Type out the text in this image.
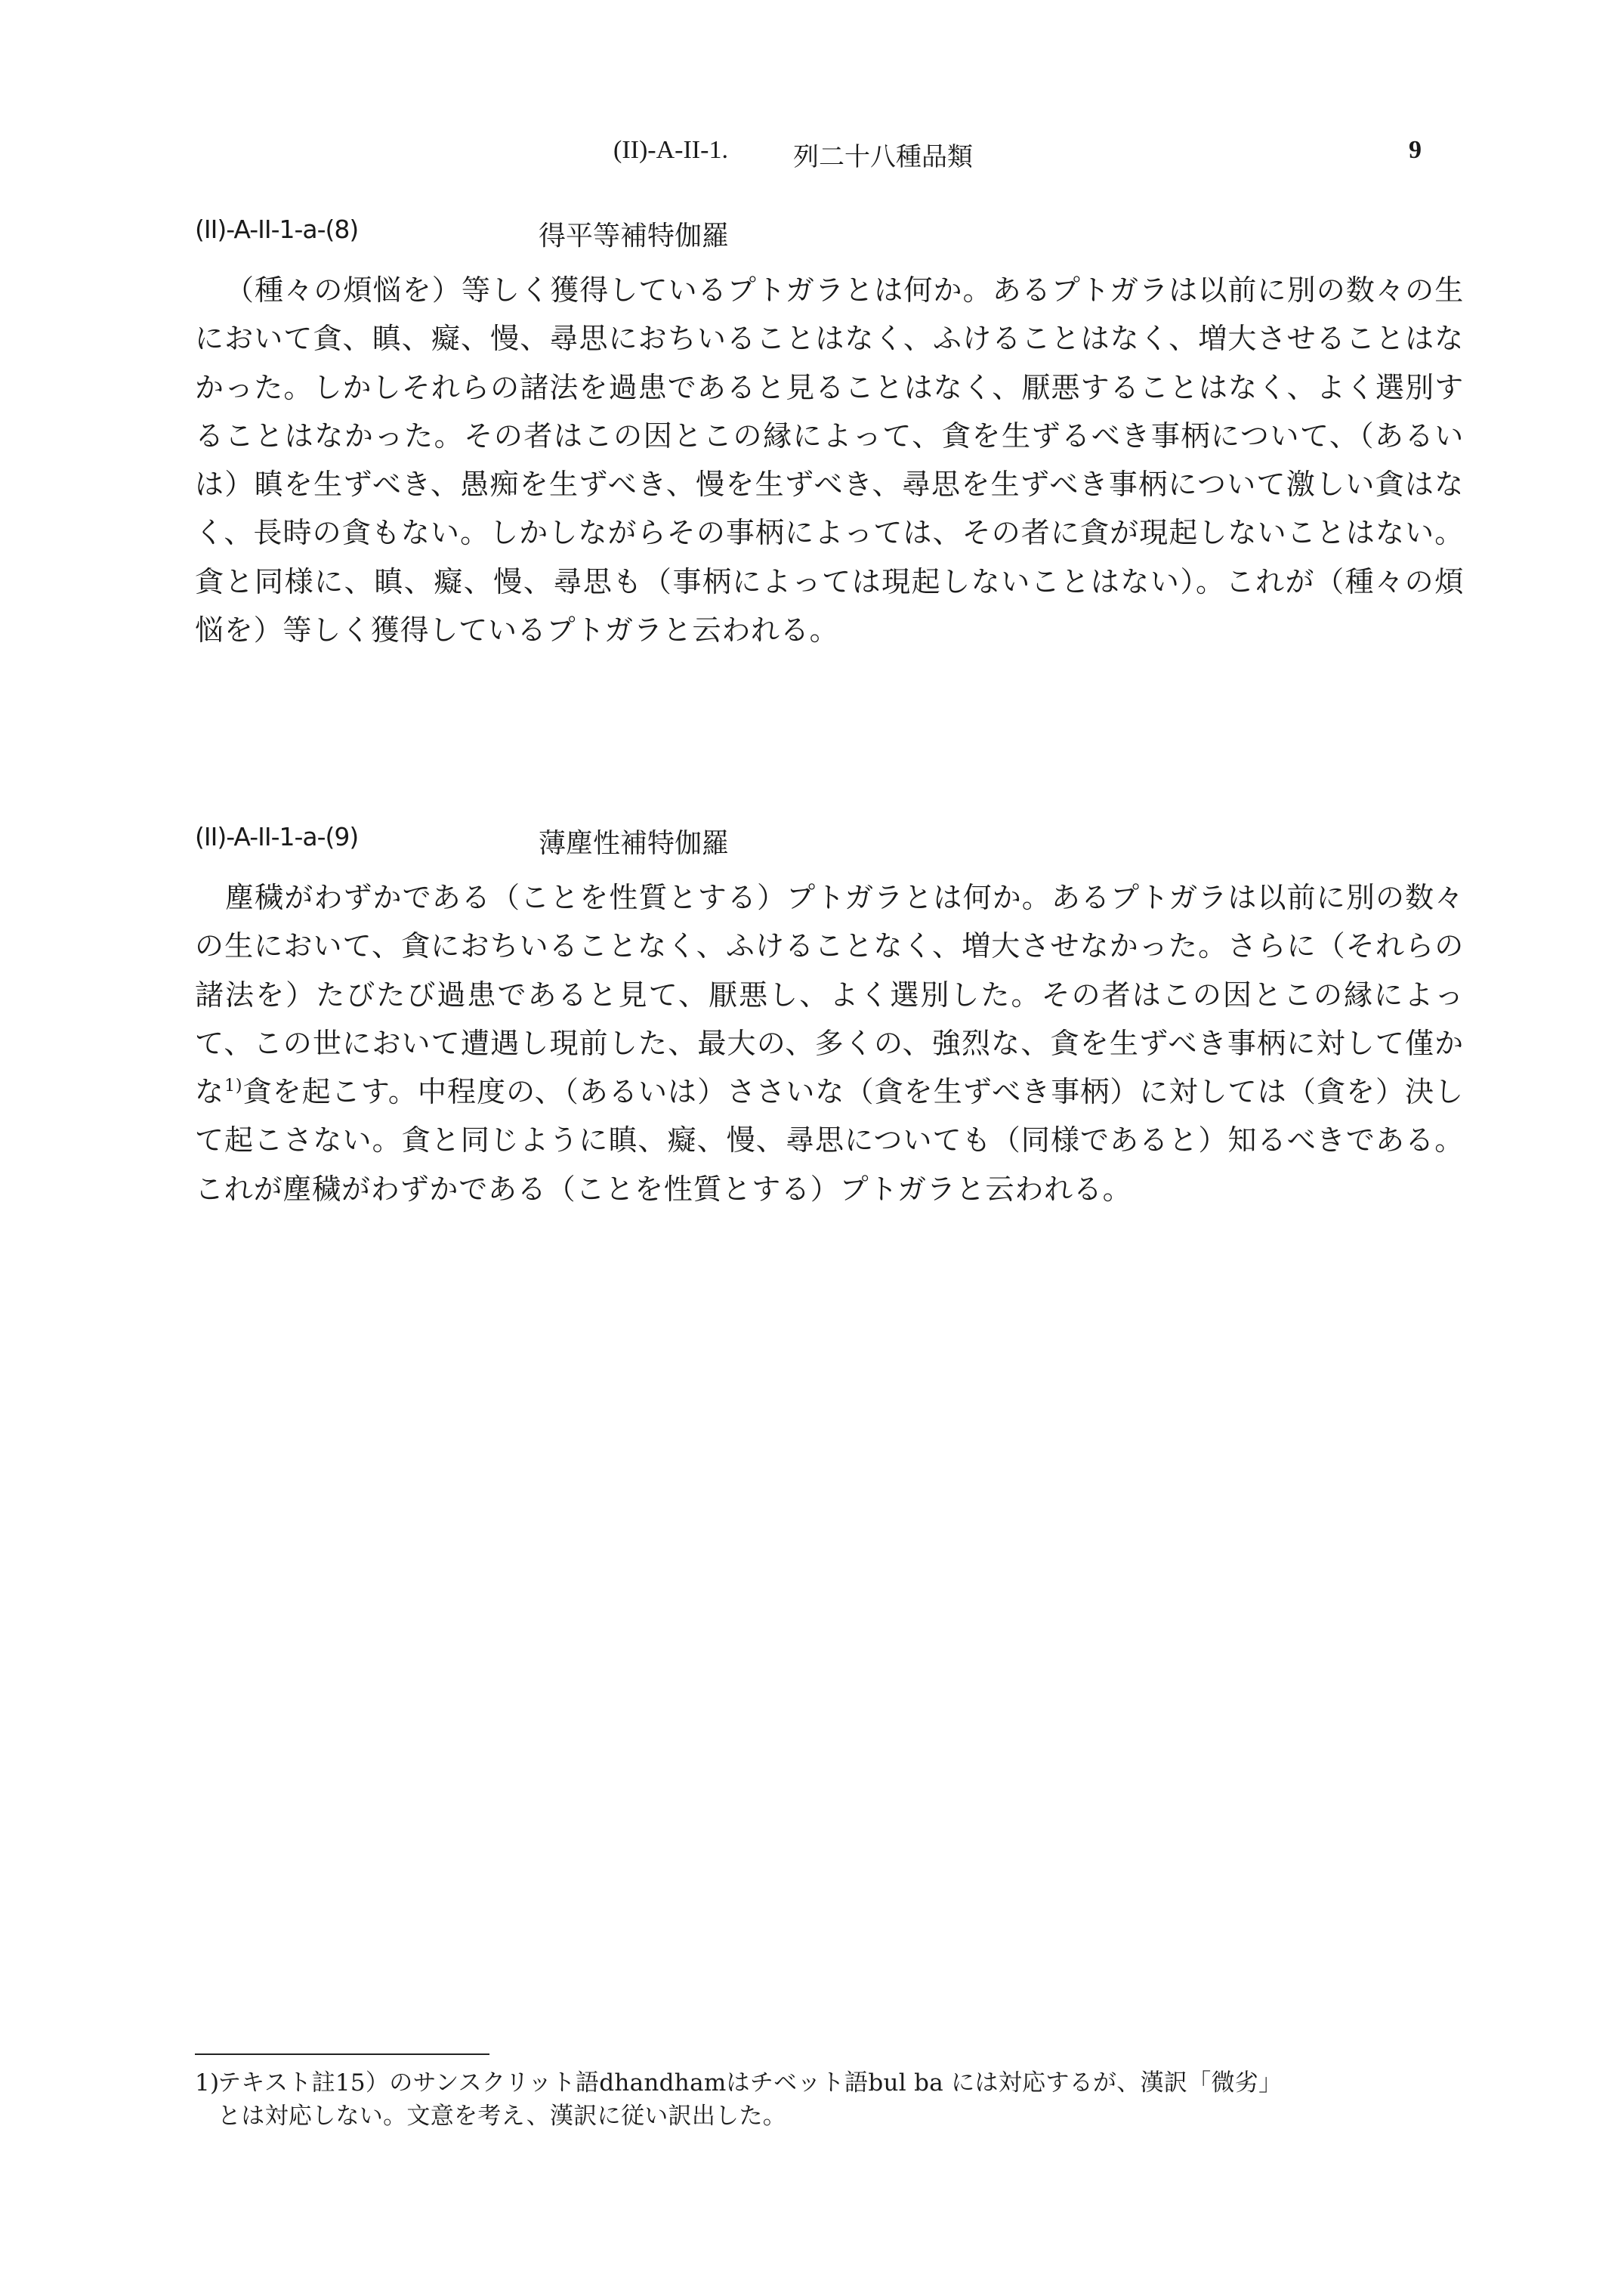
(II)-A-II-1.	列二十八種品類	9
(II)-A-II-1-a-(8)	得平等補特伽羅

（種々の煩悩を）等しく獲得しているプトガラとは何か。あるプトガラは以前に別の数々の生において貪、瞋、癡、慢、尋思におちいることはなく、ふけることはなく、増大させることはなかった。しかしそれらの諸法を過患であると見ることはなく、厭悪することはなく、よく選別することはなかった。その者はこの因とこの縁によって、貪を生ずるべき事柄について、（あるいは）瞋を生ずべき、愚痴を生ずべき、慢を生ずべき、尋思を生ずべき事柄について激しい貪はなく、長時の貪もない。しかしながらその事柄によっては、その者に貪が現起しないことはない。貪と同様に、瞋、癡、慢、尋思も（事柄によっては現起しないことはない）。これが（種々の煩悩を）等しく獲得しているプトガラと云われる。

(II)-A-II-1-a-(9)	薄塵性補特伽羅

塵穢がわずかである（ことを性質とする）プトガラとは何か。あるプトガラは以前に別の数々の生において、貪におちいることなく、ふけることなく、増大させなかった。さらに（それらの諸法を）たびたび過患であると見て、厭悪し、よく選別した。その者はこの因とこの縁によって、この世において遭遇し現前した、最大の、多くの、強烈な、貪を生ずべき事柄に対して僅かな$^{1)}$貪を起こす。中程度の、（あるいは）ささいな（貪を生ずべき事柄）に対しては（貪を）決して起こさない。貪と同じように瞋、癡、慢、尋思についても（同様であると）知るべきである。これが塵穢がわずかである（ことを性質とする）プトガラと云われる。

1)テキスト註15）のサンスクリット語dhandhamはチベット語bul ba には対応するが、漢訳「微劣」
とは対応しない。文意を考え、漢訳に従い訳出した。
